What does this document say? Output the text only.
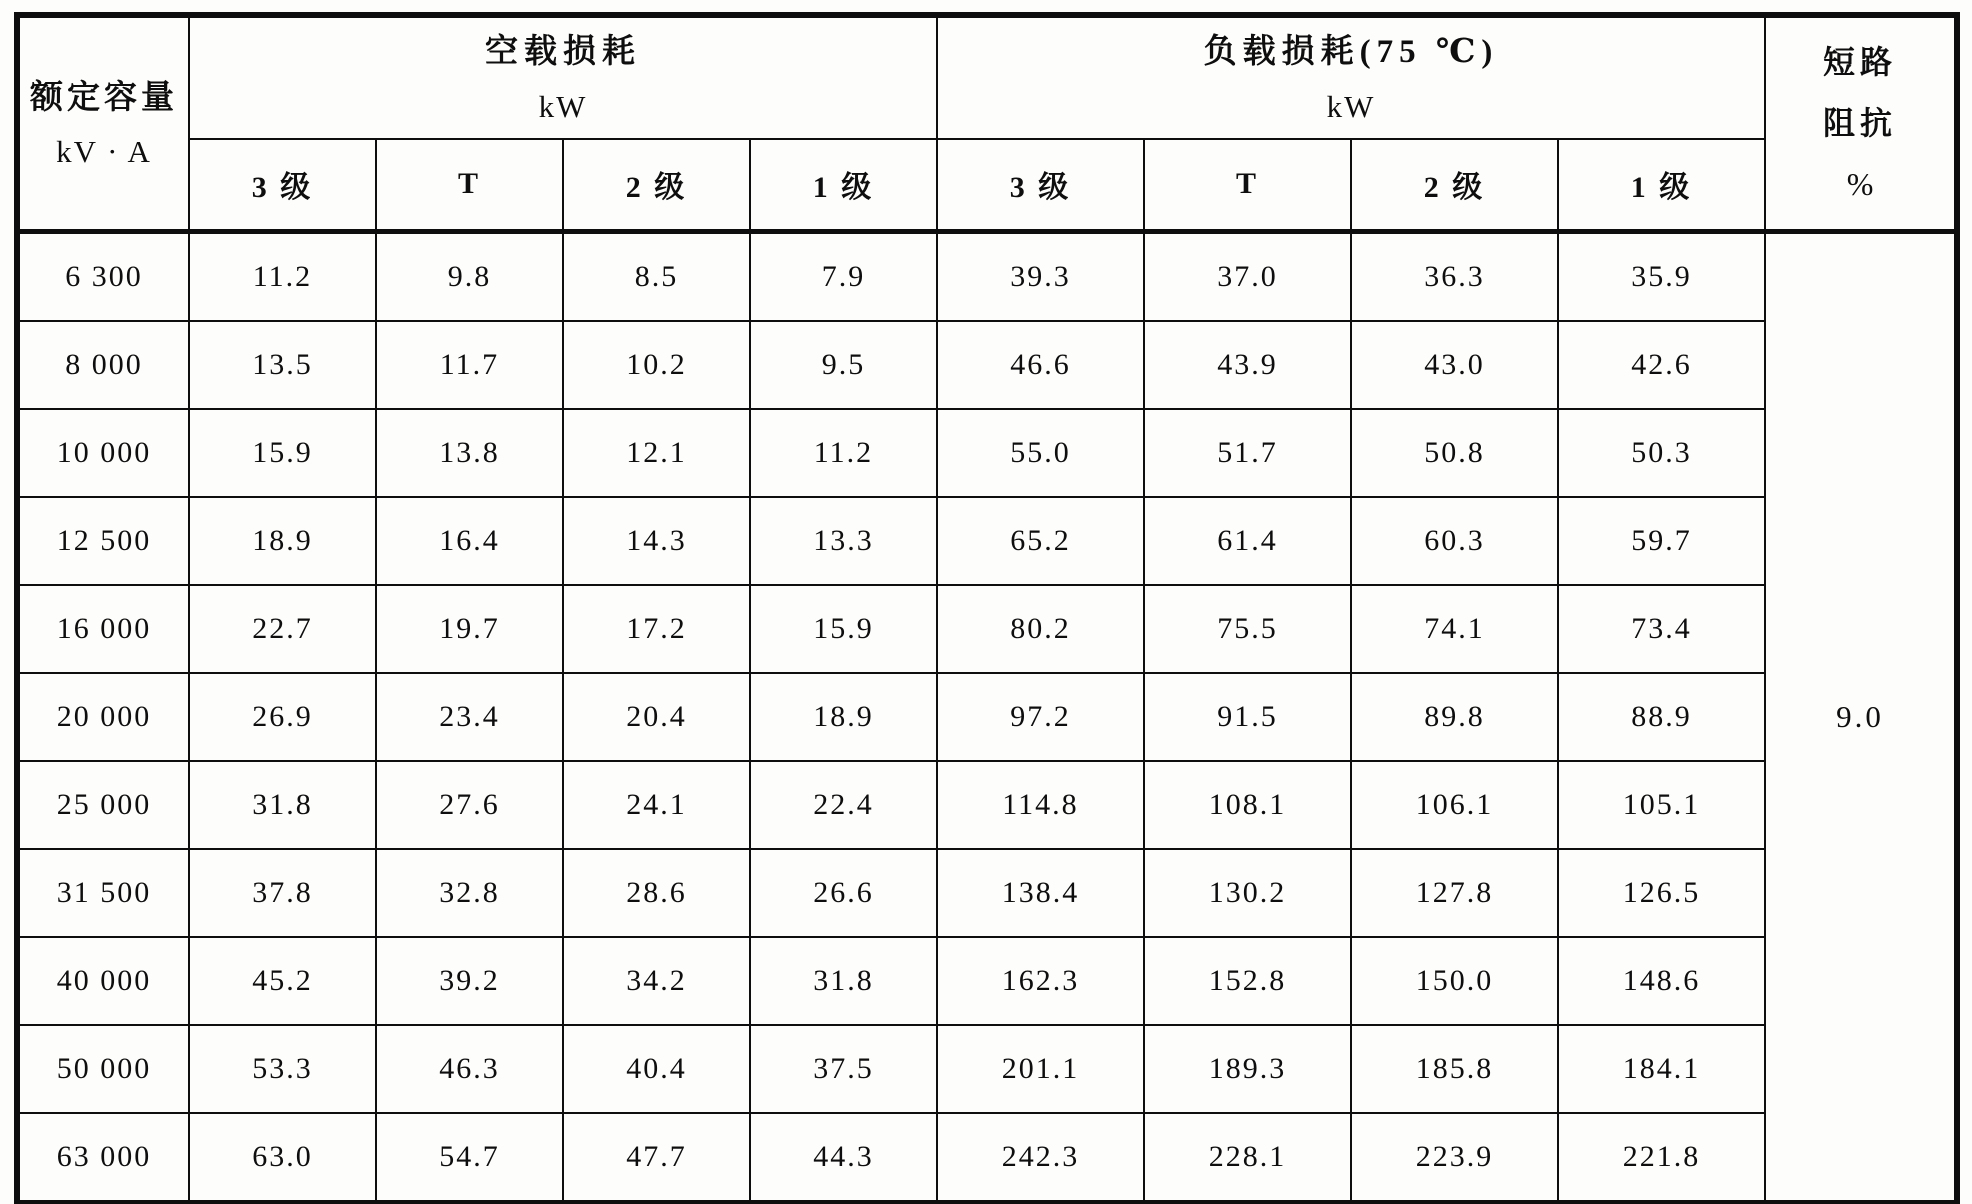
额定容量
kV · A

空载损耗
kW

负载损耗(75 ℃)
kW

短路
阻抗
%

	3 级	T	2 级	1 级	3 级	T	2 级	1 级	
6 300	11.2	9.8	8.5	7.9	39.3	37.0	36.3	35.9	9.0
8 000	13.5	11.7	10.2	9.5	46.6	43.9	43.0	42.6	
10 000	15.9	13.8	12.1	11.2	55.0	51.7	50.8	50.3	
12 500	18.9	16.4	14.3	13.3	65.2	61.4	60.3	59.7	
16 000	22.7	19.7	17.2	15.9	80.2	75.5	74.1	73.4	
20 000	26.9	23.4	20.4	18.9	97.2	91.5	89.8	88.9	
25 000	31.8	27.6	24.1	22.4	114.8	108.1	106.1	105.1	
31 500	37.8	32.8	28.6	26.6	138.4	130.2	127.8	126.5	
40 000	45.2	39.2	34.2	31.8	162.3	152.8	150.0	148.6	
50 000	53.3	46.3	40.4	37.5	201.1	189.3	185.8	184.1	
63 000	63.0	54.7	47.7	44.3	242.3	228.1	223.9	221.8	
